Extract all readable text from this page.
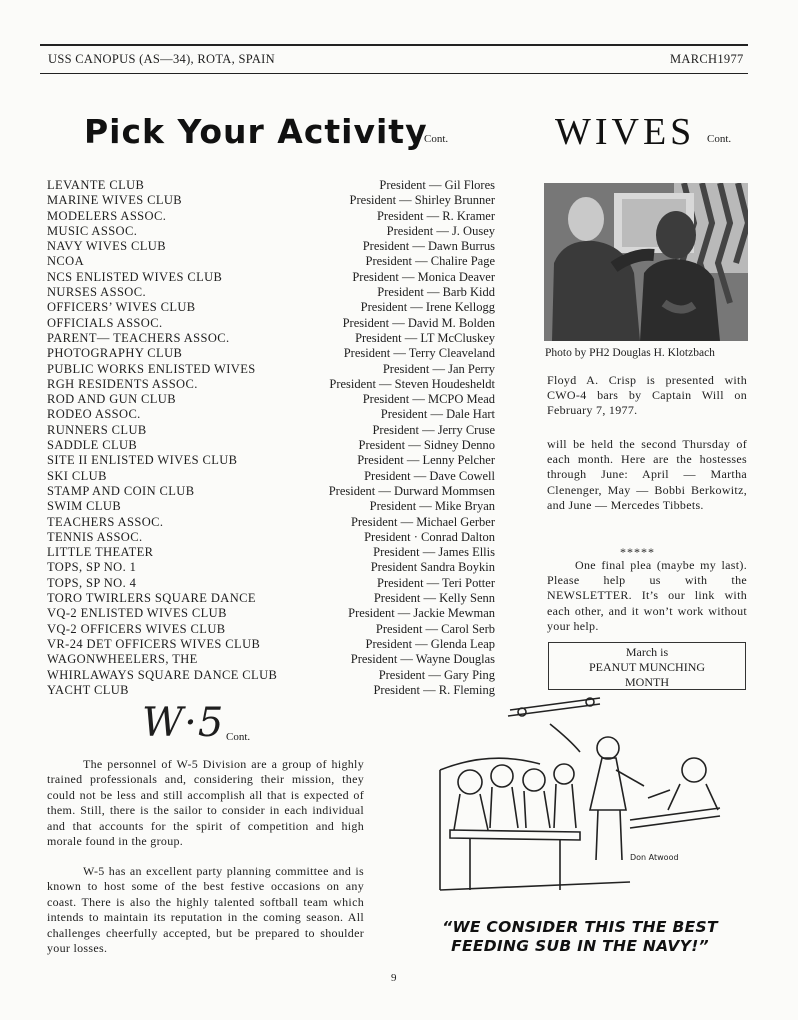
USS CANOPUS (AS—34), ROTA, SPAIN	MARCH1977
Pick Your Activity
Cont.	WIVES Cont.
LEVANTE CLUB
MARINE WIVES CLUB
MODELERS ASSOC.
MUSIC ASSOC.
NAVY WIVES CLUB
NCOA
NCS ENLISTED WIVES CLUB
NURSES ASSOC.
OFFICERS’ WIVES CLUB
OFFICIALS ASSOC.
PARENT— TEACHERS ASSOC.
PHOTOGRAPHY CLUB
PUBLIC WORKS ENLISTED WIVES
RGH RESIDENTS ASSOC.
ROD AND GUN CLUB
RODEO ASSOC.
RUNNERS CLUB
SADDLE CLUB
SITE II ENLISTED WIVES CLUB
SKI CLUB
STAMP AND COIN CLUB
SWIM CLUB
TEACHERS ASSOC.
TENNIS ASSOC.
LITTLE THEATER
TOPS, SP NO. 1
TOPS, SP NO. 4
TORO TWIRLERS SQUARE DANCE
VQ-2 ENLISTED WIVES CLUB
VQ-2 OFFICERS WIVES CLUB
VR-24 DET OFFICERS WIVES CLUB
WAGONWHEELERS, THE
WHIRLAWAYS SQUARE DANCE CLUB
YACHT CLUB
President — Gil Flores
President — Shirley Brunner
President — R. Kramer
President — J. Ousey
President — Dawn Burrus
President — Chalire Page
President — Monica Deaver
President — Barb Kidd
President — Irene Kellogg
President — David M. Bolden
President — LT McCluskey
President — Terry Cleaveland
President — Jan Perry
President — Steven Houdesheldt
President — MCPO Mead
President — Dale Hart
President — Jerry Cruse
President — Sidney Denno
President — Lenny Pelcher
President — Dave Cowell
President — Durward Mommsen
President — Mike Bryan
President — Michael Gerber
President · Conrad Dalton
President — James Ellis
President Sandra Boykin
President — Teri Potter
President — Kelly Senn
President — Jackie Mewman
President — Carol Serb
President — Glenda Leap
President — Wayne Douglas
President — Gary Ping
President — R. Fleming
Photo by PH2 Douglas H. Klotzbach
Floyd A. Crisp is presented with CWO-4 bars by Captain Will on February 7, 1977.
will be held the second Thursday of each month. Here are the hostesses through June: April — Martha Clenenger, May — Bobbi Berkowitz, and June — Mercedes Tibbets.
*****
One final plea (maybe my last). Please help us with the NEWSLETTER. It’s our link with each other, and it won’t work without your help.
March is
PEANUT MUNCHING
MONTH
W·5 Cont.
The personnel of W-5 Division are a group of highly trained professionals and, considering their mission, they could not be less and still accomplish all that is expected of them. Still, there is the sailor to consider in each individual and that accounts for the spirit of competition and high morale found in the group.
W-5 has an excellent party planning committee and is known to host some of the best festive occasions on any coast. There is also the highly talented softball team which intends to maintain its reputation in the coming season. All challenges cheerfully accepted, but be prepared to shoulder your losses.
Don Atwood
“WE CONSIDER THIS THE BEST
FEEDING SUB IN THE NAVY!”
9
